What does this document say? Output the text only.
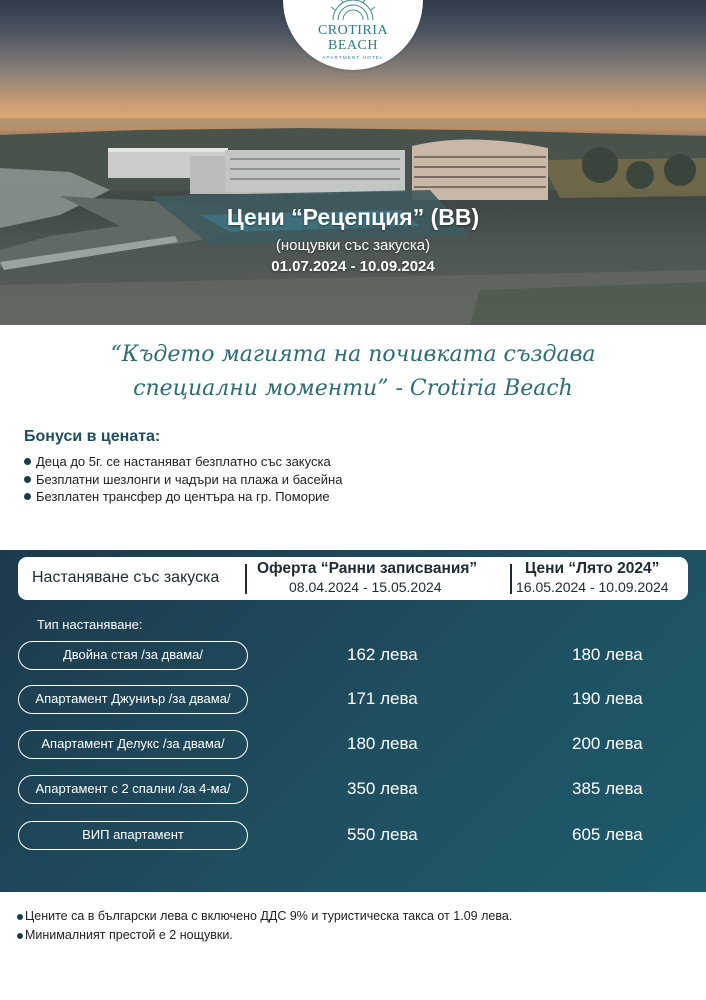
CROTIRIA
BEACH
APARTMENT HOTEL
Цени “Рецепция” (BB)
(нощувки със закуска)
01.07.2024 - 10.09.2024
“Където магията на почивката създава
специални моменти” - Crotiria Beach
Бонуси в цената:
Деца до 5г. се настаняват безплатно със закуска
Безплатни шезлонги и чадъри на плажа и басейна
Безплатен трансфер до центъра на гр. Поморие
Настаняване със закуска
Оферта “Ранни записвания”
08.04.2024 - 15.05.2024
Цени “Лято 2024”
16.05.2024 - 10.09.2024
Тип настаняване:
Двойна стая /за двама/	162 лева	180 лева
Апартамент Джуниър /за двама/	171 лева	190 лева
Апартамент Делукс /за двама/	180 лева	200 лева
Апартамент с 2 спални /за 4-ма/	350 лева	385 лева
ВИП апартамент	550 лева	605 лева
Цените са в български лева с включено ДДС 9% и туристическа такса от 1.09 лева.
Минималният престой е 2 нощувки.
